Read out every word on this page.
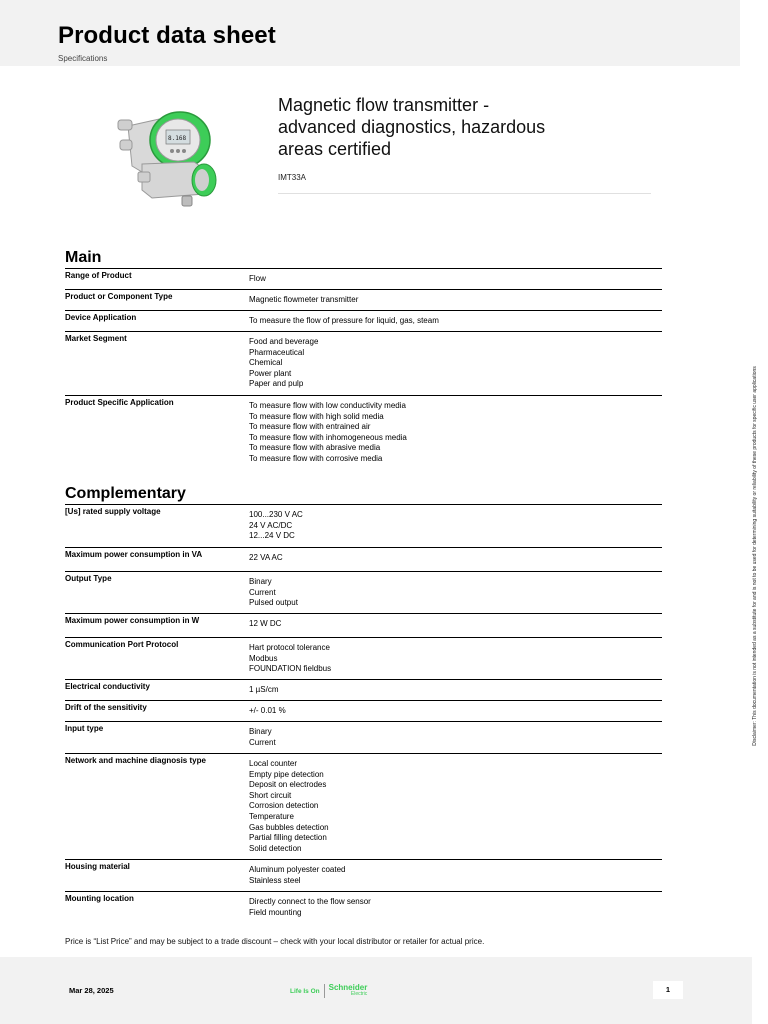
Product data sheet
Specifications
8.168
Magnetic flow transmitter -
advanced diagnostics, hazardous
areas certified
IMT33A
Main
Range of Product	Flow
Product or Component Type	Magnetic flowmeter transmitter
Device Application	To measure the flow of pressure for liquid, gas, steam
Market Segment	Food and beverage
Pharmaceutical
Chemical
Power plant
Paper and pulp
Product Specific Application	To measure flow with low conductivity media
To measure flow with high solid media
To measure flow with entrained air
To measure flow with inhomogeneous media
To measure flow with abrasive media
To measure flow with corrosive media
Complementary
[Us] rated supply voltage	100...230 V AC
24 V AC/DC
12...24 V DC
Maximum power consumption in VA	22 VA AC
Output Type	Binary
Current
Pulsed output
Maximum power consumption in W	12 W DC
Communication Port Protocol	Hart protocol tolerance
Modbus
FOUNDATION fieldbus
Electrical conductivity	1 µS/cm
Drift of the sensitivity	+/- 0.01 %
Input type	Binary
Current
Network and machine diagnosis type	Local counter
Empty pipe detection
Deposit on electrodes
Short circuit
Corrosion detection
Temperature
Gas bubbles detection
Partial filling detection
Solid detection
Housing material	Aluminum polyester coated
Stainless steel
Mounting location	Directly connect to the flow sensor
Field mounting
Price is “List Price” and may be subject to a trade discount – check with your local distributor or retailer for actual price.
Mar 28, 2025	Life Is On	Schneider
Electric	1
Disclaimer: This documentation is not intended as a substitute for and is not to be used for determining suitability or reliability of these products for specific user applications
